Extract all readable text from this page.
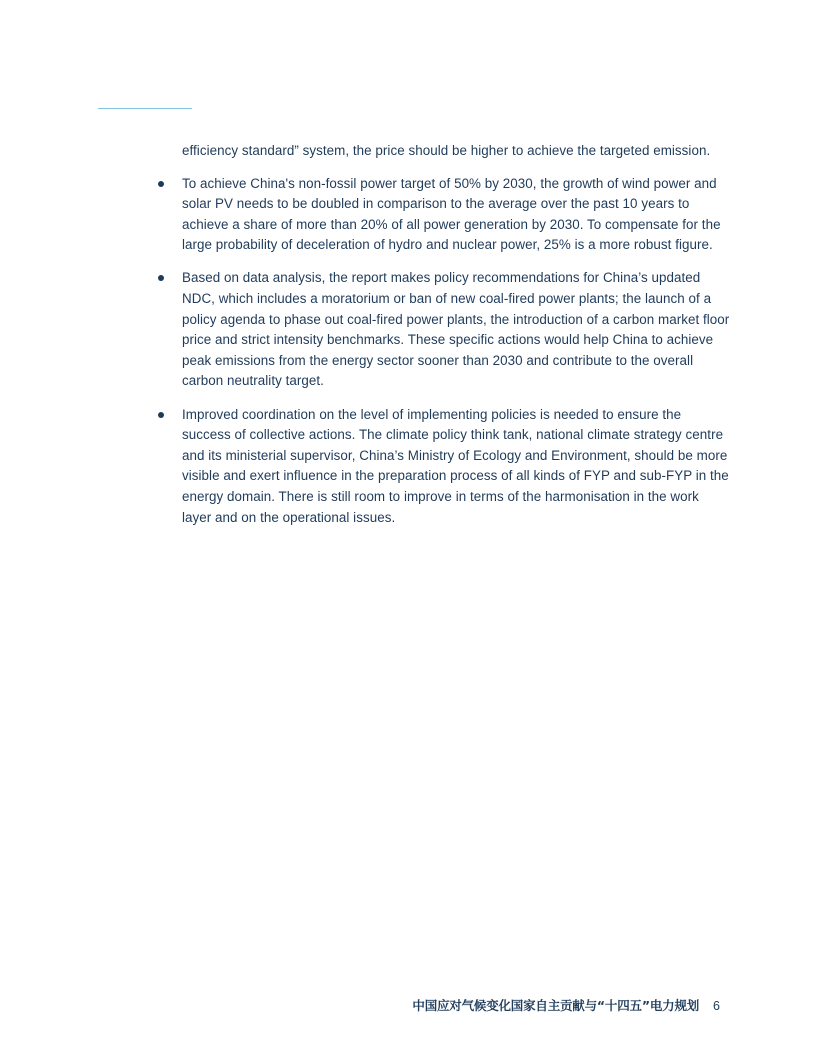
efficiency standard” system, the price should be higher to achieve the targeted emission.

To achieve China's non-fossil power target of 50% by 2030, the growth of wind power and solar PV needs to be doubled in comparison to the average over the past 10 years to achieve a share of more than 20% of all power generation by 2030. To compensate for the large probability of deceleration of hydro and nuclear power, 25% is a more robust figure.
Based on data analysis, the report makes policy recommendations for China’s updated NDC, which includes a moratorium or ban of new coal-fired power plants; the launch of a policy agenda to phase out coal-fired power plants, the introduction of a carbon market floor price and strict intensity benchmarks. These specific actions would help China to achieve peak emissions from the energy sector sooner than 2030 and contribute to the overall carbon neutrality target.
Improved coordination on the level of implementing policies is needed to ensure the success of collective actions. The climate policy think tank, national climate strategy centre and its ministerial supervisor, China’s Ministry of Ecology and Environment, should be more visible and exert influence in the preparation process of all kinds of FYP and sub-FYP in the energy domain. There is still room to improve in terms of the harmonisation in the work layer and on the operational issues.
中国应对气候变化国家自主贡献与“十四五”电力规划 6
